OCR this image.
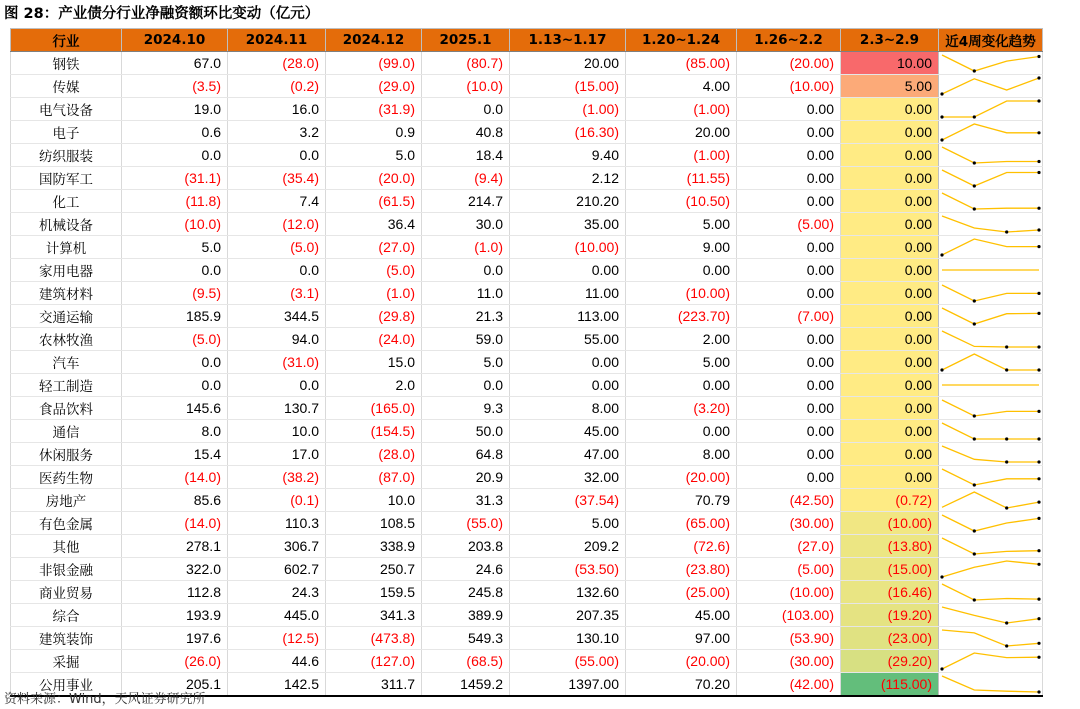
图 28：产业债分行业净融资额环比变动（亿元）
行业	2024.10	2024.11	2024.12	2025.1	1.13~1.17	1.20~1.24	1.26~2.2	2.3~2.9	近4周变化趋势
钢铁	67.0	(28.0)	(99.0)	(80.7)	20.00	(85.00)	(20.00)	10.00	

传媒	(3.5)	(0.2)	(29.0)	(10.0)	(15.00)	4.00	(10.00)	5.00	

电气设备	19.0	16.0	(31.9)	0.0	(1.00)	(1.00)	0.00	0.00	

电子	0.6	3.2	0.9	40.8	(16.30)	20.00	0.00	0.00	

纺织服装	0.0	0.0	5.0	18.4	9.40	(1.00)	0.00	0.00	

国防军工	(31.1)	(35.4)	(20.0)	(9.4)	2.12	(11.55)	0.00	0.00	

化工	(11.8)	7.4	(61.5)	214.7	210.20	(10.50)	0.00	0.00	

机械设备	(10.0)	(12.0)	36.4	30.0	35.00	5.00	(5.00)	0.00	

计算机	5.0	(5.0)	(27.0)	(1.0)	(10.00)	9.00	0.00	0.00	

家用电器	0.0	0.0	(5.0)	0.0	0.00	0.00	0.00	0.00	

建筑材料	(9.5)	(3.1)	(1.0)	11.0	11.00	(10.00)	0.00	0.00	

交通运输	185.9	344.5	(29.8)	21.3	113.00	(223.70)	(7.00)	0.00	

农林牧渔	(5.0)	94.0	(24.0)	59.0	55.00	2.00	0.00	0.00	

汽车	0.0	(31.0)	15.0	5.0	0.00	5.00	0.00	0.00	

轻工制造	0.0	0.0	2.0	0.0	0.00	0.00	0.00	0.00	

食品饮料	145.6	130.7	(165.0)	9.3	8.00	(3.20)	0.00	0.00	

通信	8.0	10.0	(154.5)	50.0	45.00	0.00	0.00	0.00	

休闲服务	15.4	17.0	(28.0)	64.8	47.00	8.00	0.00	0.00	

医药生物	(14.0)	(38.2)	(87.0)	20.9	32.00	(20.00)	0.00	0.00	

房地产	85.6	(0.1)	10.0	31.3	(37.54)	70.79	(42.50)	(0.72)	

有色金属	(14.0)	110.3	108.5	(55.0)	5.00	(65.00)	(30.00)	(10.00)	

其他	278.1	306.7	338.9	203.8	209.2	(72.6)	(27.0)	(13.80)	

非银金融	322.0	602.7	250.7	24.6	(53.50)	(23.80)	(5.00)	(15.00)	

商业贸易	112.8	24.3	159.5	245.8	132.60	(25.00)	(10.00)	(16.46)	

综合	193.9	445.0	341.3	389.9	207.35	45.00	(103.00)	(19.20)	

建筑装饰	197.6	(12.5)	(473.8)	549.3	130.10	97.00	(53.90)	(23.00)	

采掘	(26.0)	44.6	(127.0)	(68.5)	(55.00)	(20.00)	(30.00)	(29.20)	

公用事业	205.1	142.5	311.7	1459.2	1397.00	70.20	(42.00)	(115.00)	
资料来源：Wind，天风证券研究所
